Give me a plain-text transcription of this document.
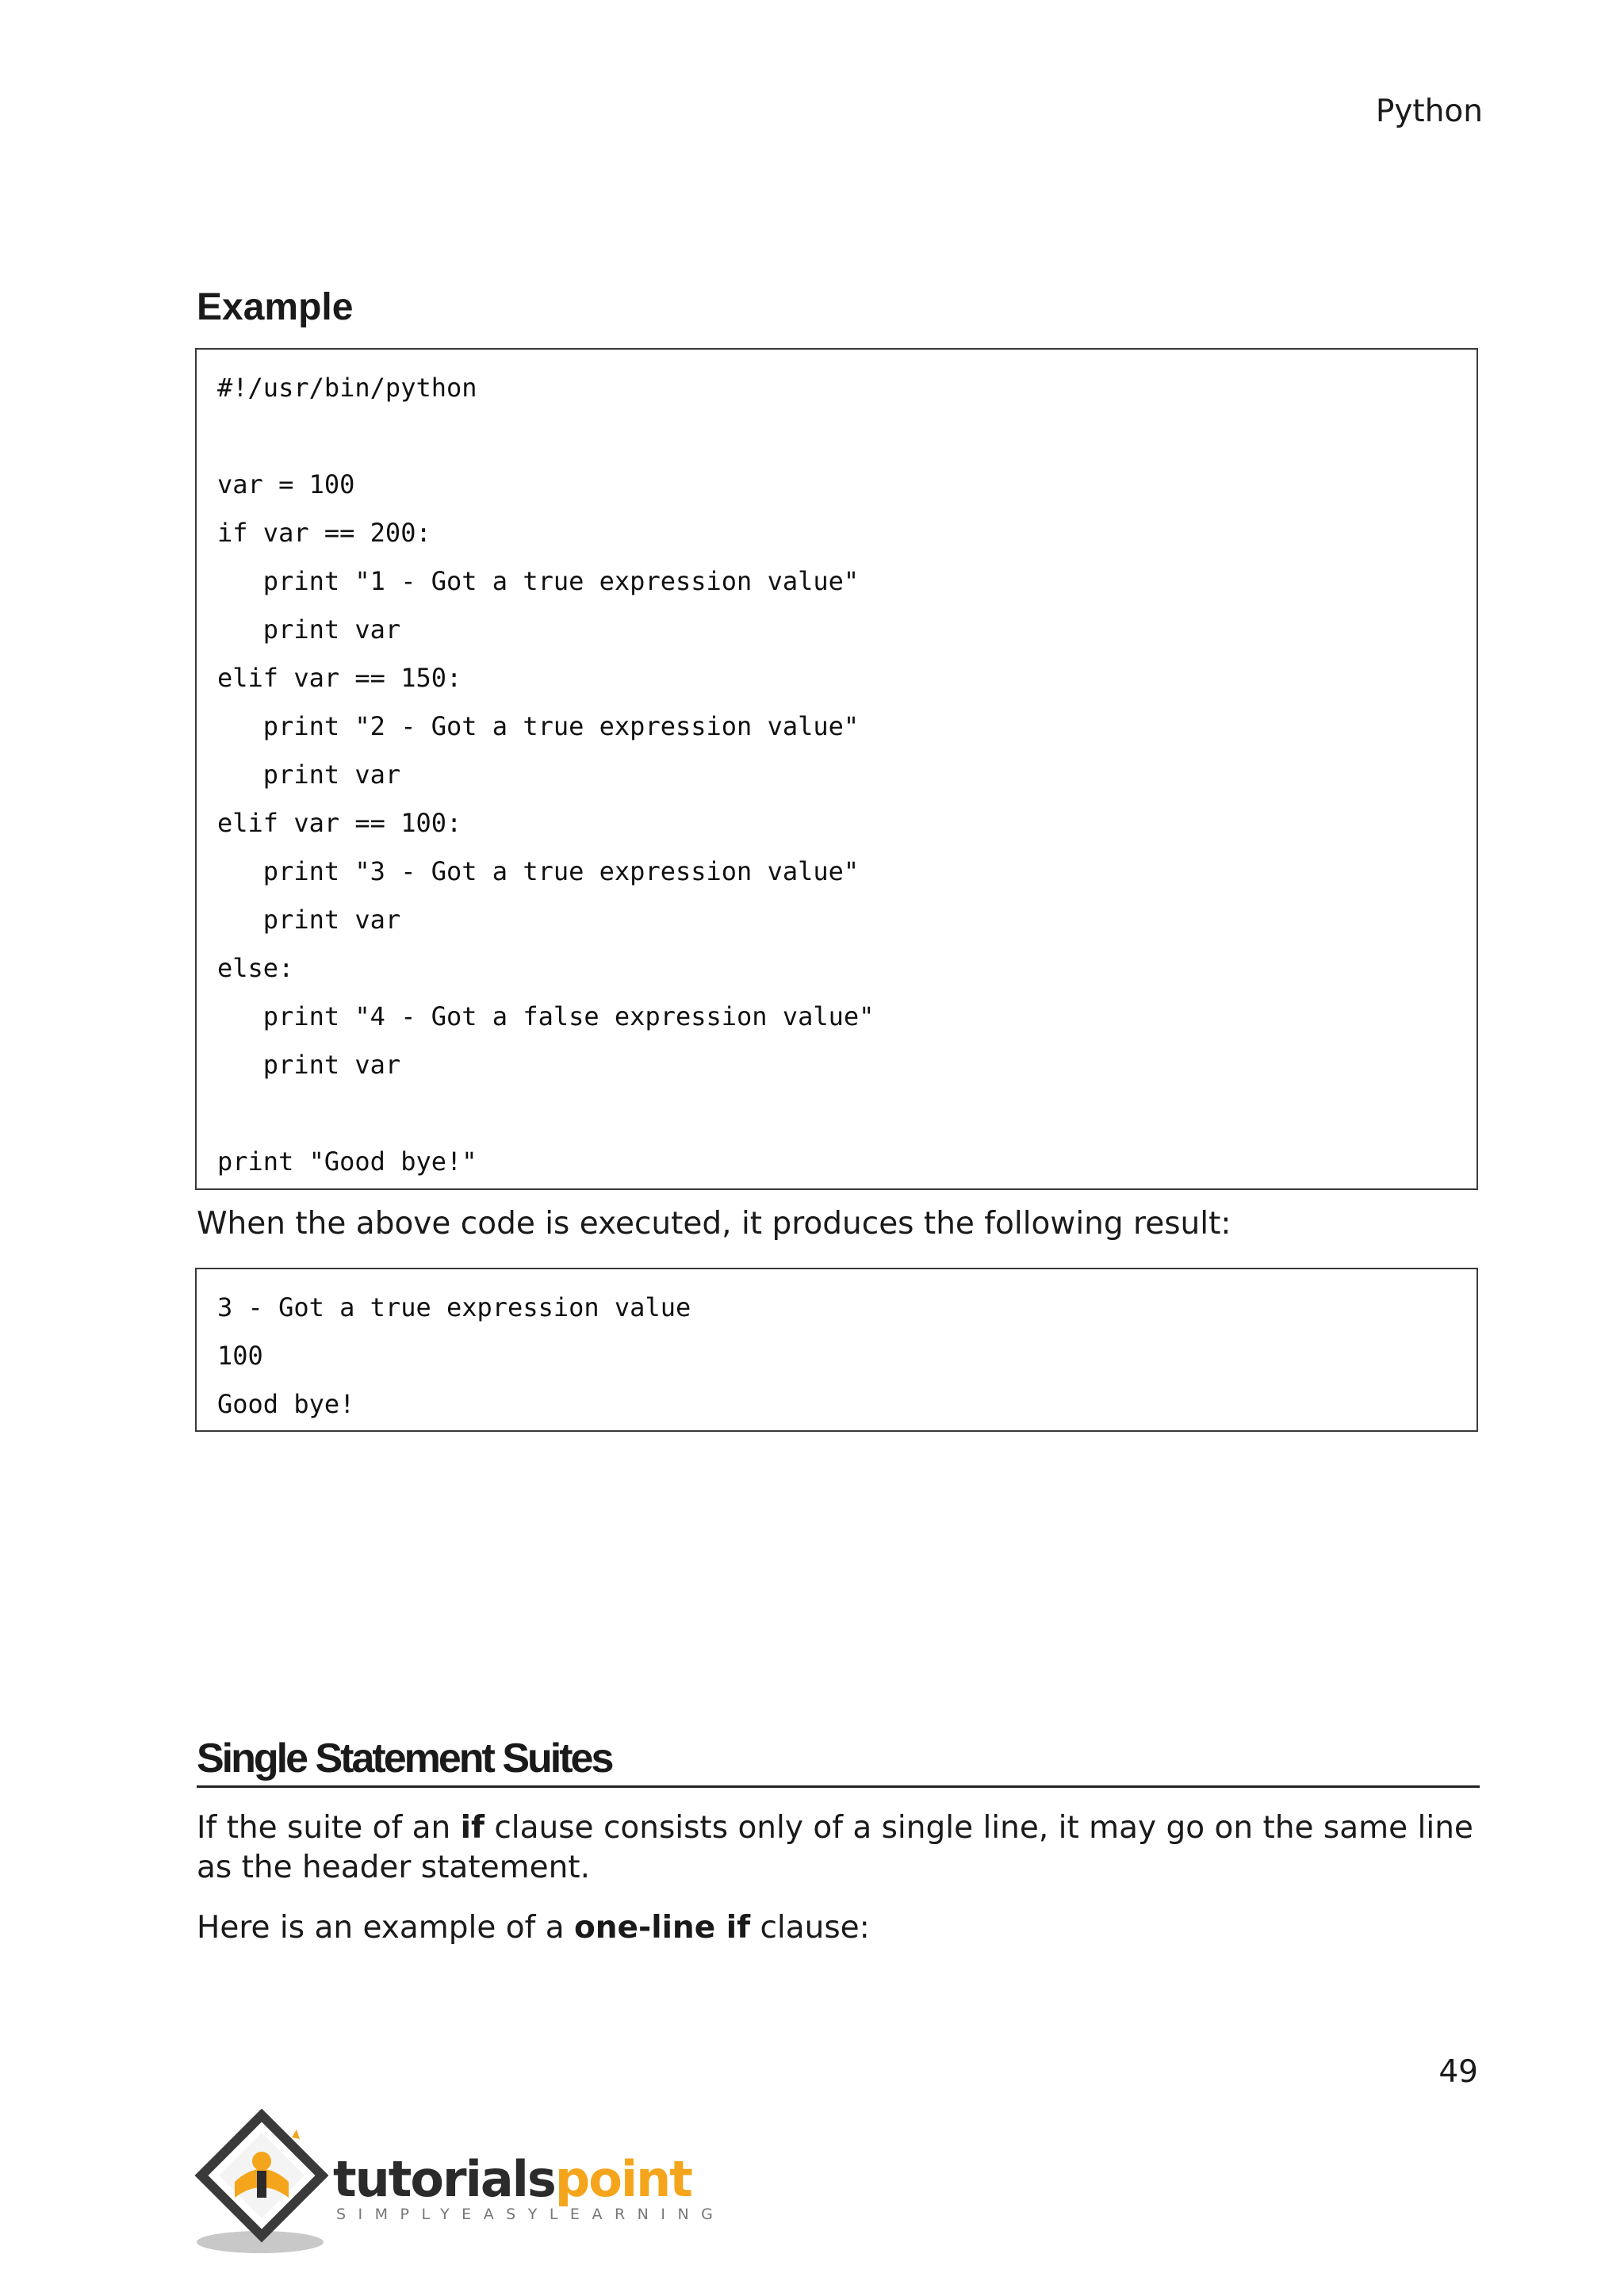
Python
Example
#!/usr/bin/python
var = 100
if var == 200:
print "1 - Got a true expression value"
print var
elif var == 150:
print "2 - Got a true expression value"
print var
elif var == 100:
print "3 - Got a true expression value"
print var
else:
print "4 - Got a false expression value"
print var
print "Good bye!"

When the above code is executed, it produces the following result:

3 - Got a true expression value
100
Good bye!
Single Statement Suites

If the suite of an if clause consists only of a single line, it may go on the same line as the header statement.

Here is an example of a one-line if clause:

49
tutorialspoint
SIMPLYEASYLEARNING
